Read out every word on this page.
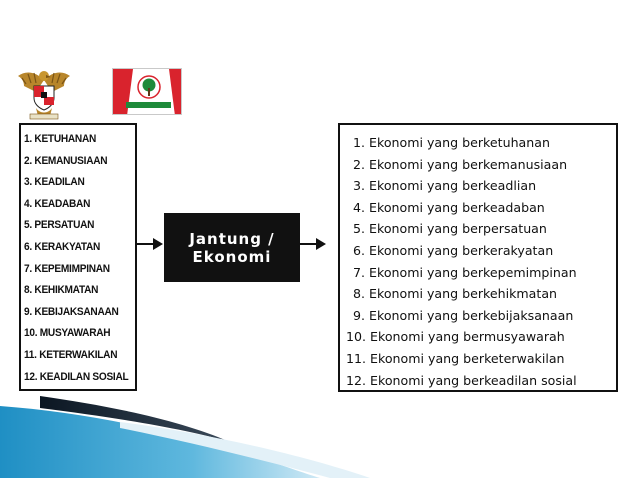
1. KETUHANAN
2. KEMANUSIAAN
3. KEADILAN
4. KEADABAN
5. PERSATUAN
6. KERAKYATAN
7. KEPEMIMPINAN
8. KEHIKMATAN
9. KEBIJAKSANAAN
10. MUSYAWARAH
11. KETERWAKILAN
12. KEADILAN SOSIAL
Jantung /
Ekonomi
1. Ekonomi yang berketuhanan
2. Ekonomi yang berkemanusiaan
3. Ekonomi yang berkeadlian
4. Ekonomi yang berkeadaban
5. Ekonomi yang berpersatuan
6. Ekonomi yang berkerakyatan
7. Ekonomi yang berkepemimpinan
8. Ekonomi yang berkehikmatan
9. Ekonomi yang berkebijaksanaan
10. Ekonomi yang bermusyawarah
11. Ekonomi yang berketerwakilan
12. Ekonomi yang berkeadilan sosial
